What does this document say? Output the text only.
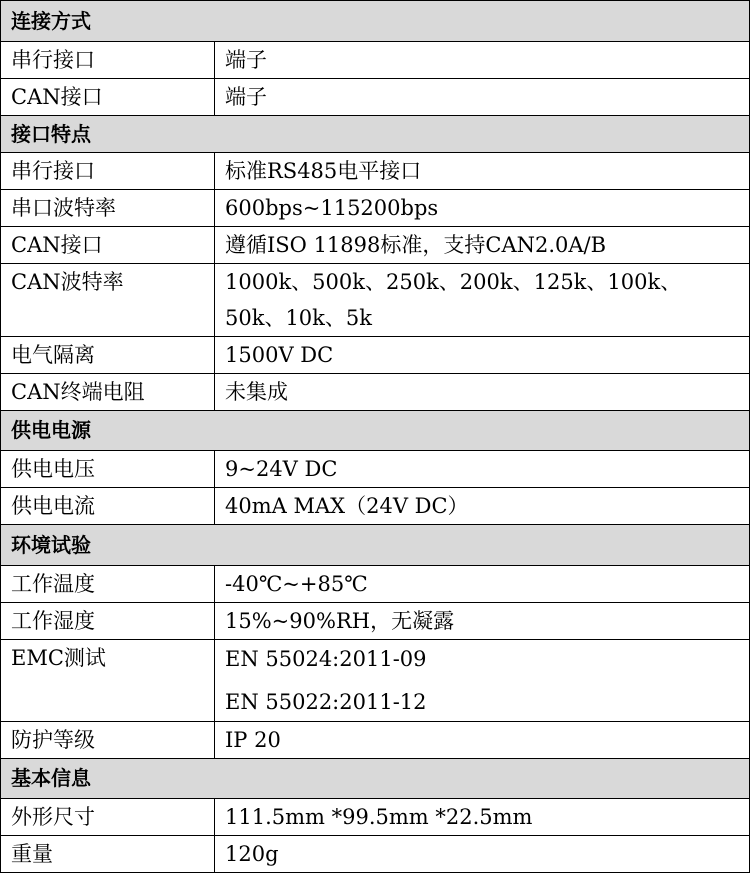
连接方式	
串行接口	端子
CAN接口	端子
接口特点	
串行接口	标准RS485电平接口
串口波特率	600bps~115200bps
CAN接口	遵循ISO 11898标准，支持CAN2.0A/B
CAN波特率	1000k、500k、250k、200k、125k、100k、
50k、10k、5k

电气隔离	1500V DC
CAN终端电阻	未集成
供电电源	
供电电压	9~24V DC
供电电流	40mA MAX（24V DC）
环境试验	
工作温度	-40℃~+85℃
工作湿度	15%~90%RH，无凝露
EMC测试	EN 55024:2011-09
EN 55022:2011-12

防护等级	IP 20
基本信息	
外形尺寸	111.5mm *99.5mm *22.5mm
重量	120g
